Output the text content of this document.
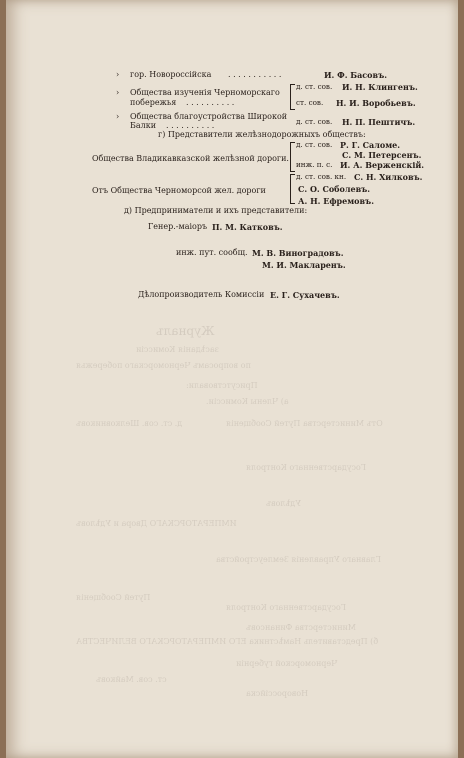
Журналъ
засѣданія Комиссіи
по вопросамъ Черноморскаго побережья
Присутствовали:
а) Члены Комиссіи.
Отъ Министерства Путей Сообщенія
д. ст. сов. Шелковниковъ
Государственнаго Контроля
Удѣловъ
ИМПЕРАТОРСКАГО Двора и Удѣловъ
Главнаго Управленія Землеустройства
Путей Сообщенія
Государственнаго Контроля
Министерства Финансовъ
б) Представитель Намѣстника ЕГО ИМПЕРАТОРСКАГО ВЕЛИЧЕСТВА
Черноморской губерніи
ст. сов. Майковъ
Новороссійска
› гор. Новороссійска . . . . . . . . . . .	И. Ф. Басовъ.
› Общества изученія Черноморскаго
побережья . . . . . . . . . .
д. ст. сов. И. Н. Клингенъ.
ст. сов. Н. И. Воробьевъ.
› Общества благоустройства Широкой
Балки . . . . . . . . . .	д. ст. сов. Н. П. Пештичъ.
г) Представители желѣзнодорожныхъ обществъ:
Общества Владикавказской желѣзной дороги.
д. ст. сов. Р. Г. Саломе.
С. М. Петерсенъ.
инж. п. с. И. А. Верженскій.
Отъ Общества Черноморсой жел. дороги
д. ст. сов. кн. С. Н. Хилковъ.
С. О. Соболевъ.
А. Н. Ефремовъ.
д) Предприниматели и ихъ представители:
Генер.-маіоръ П. М. Катковъ.
инж. пут. сообщ. М. В. Виноградовъ.
М. И. Макларенъ.
Дѣлопроизводитель Комиссіи Е. Г. Сухачевъ.
